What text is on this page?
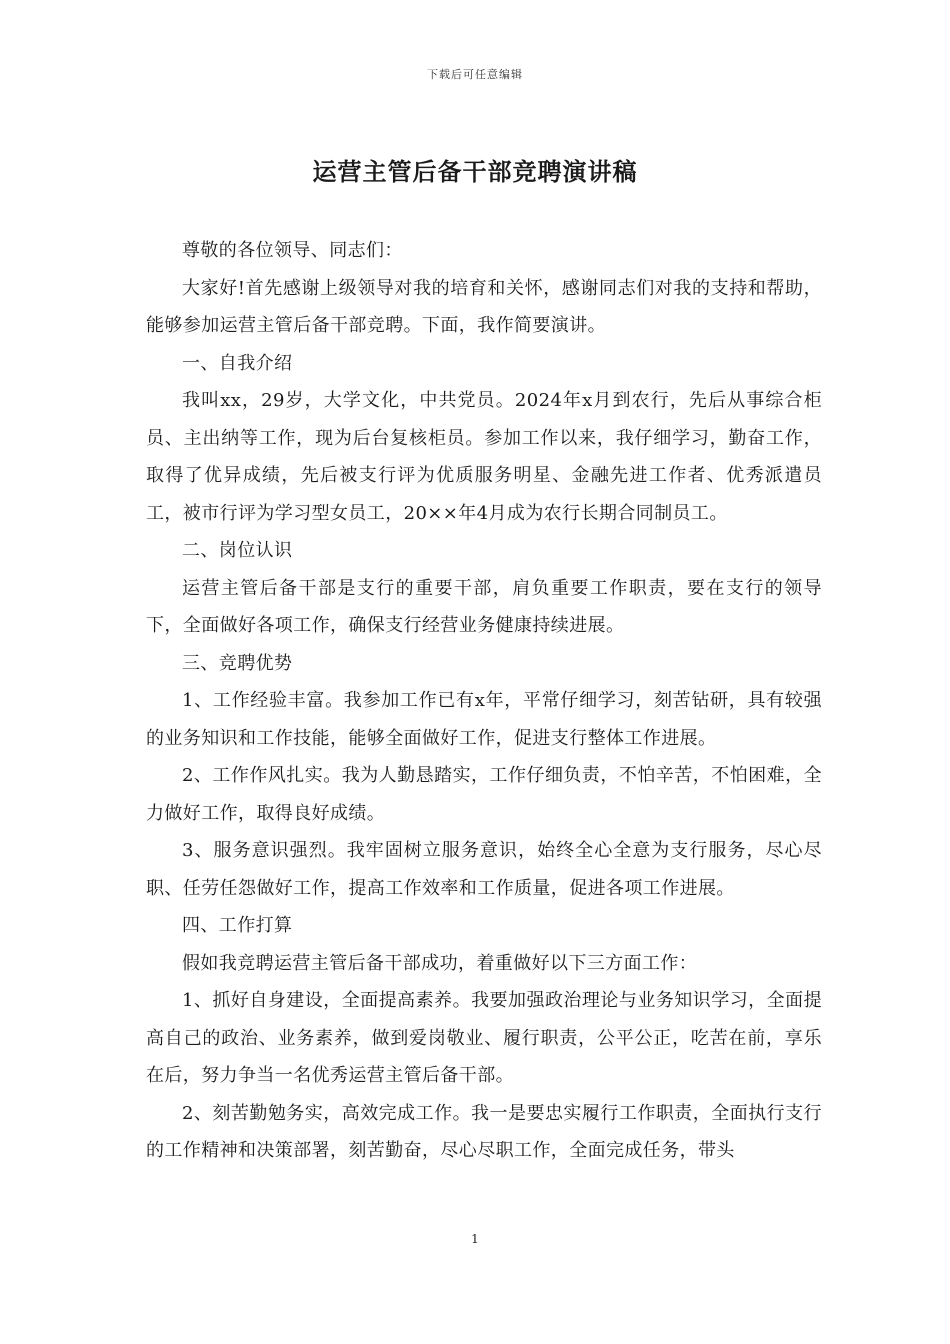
下载后可任意编辑
运营主管后备干部竞聘演讲稿

尊敬的各位领导、同志们：

大家好!首先感谢上级领导对我的培育和关怀，感谢同志们对我的支持和帮助，能够参加运营主管后备干部竞聘。下面，我作简要演讲。

一、自我介绍

我叫xx，29岁，大学文化，中共党员。2024年x月到农行，先后从事综合柜员、主出纳等工作，现为后台复核柜员。参加工作以来，我仔细学习，勤奋工作，取得了优异成绩，先后被支行评为优质服务明星、金融先进工作者、优秀派遣员工，被市行评为学习型女员工，20××年4月成为农行长期合同制员工。

二、岗位认识

运营主管后备干部是支行的重要干部，肩负重要工作职责，要在支行的领导下，全面做好各项工作，确保支行经营业务健康持续进展。

三、竞聘优势

1、工作经验丰富。我参加工作已有x年，平常仔细学习，刻苦钻研，具有较强的业务知识和工作技能，能够全面做好工作，促进支行整体工作进展。

2、工作作风扎实。我为人勤恳踏实，工作仔细负责，不怕辛苦，不怕困难，全力做好工作，取得良好成绩。

3、服务意识强烈。我牢固树立服务意识，始终全心全意为支行服务，尽心尽职、任劳任怨做好工作，提高工作效率和工作质量，促进各项工作进展。

四、工作打算

假如我竞聘运营主管后备干部成功，着重做好以下三方面工作：

1、抓好自身建设，全面提高素养。我要加强政治理论与业务知识学习，全面提高自己的政治、业务素养，做到爱岗敬业、履行职责，公平公正，吃苦在前，享乐在后，努力争当一名优秀运营主管后备干部。

2、刻苦勤勉务实，高效完成工作。我一是要忠实履行工作职责，全面执行支行的工作精神和决策部署，刻苦勤奋，尽心尽职工作，全面完成任务，带头

1
